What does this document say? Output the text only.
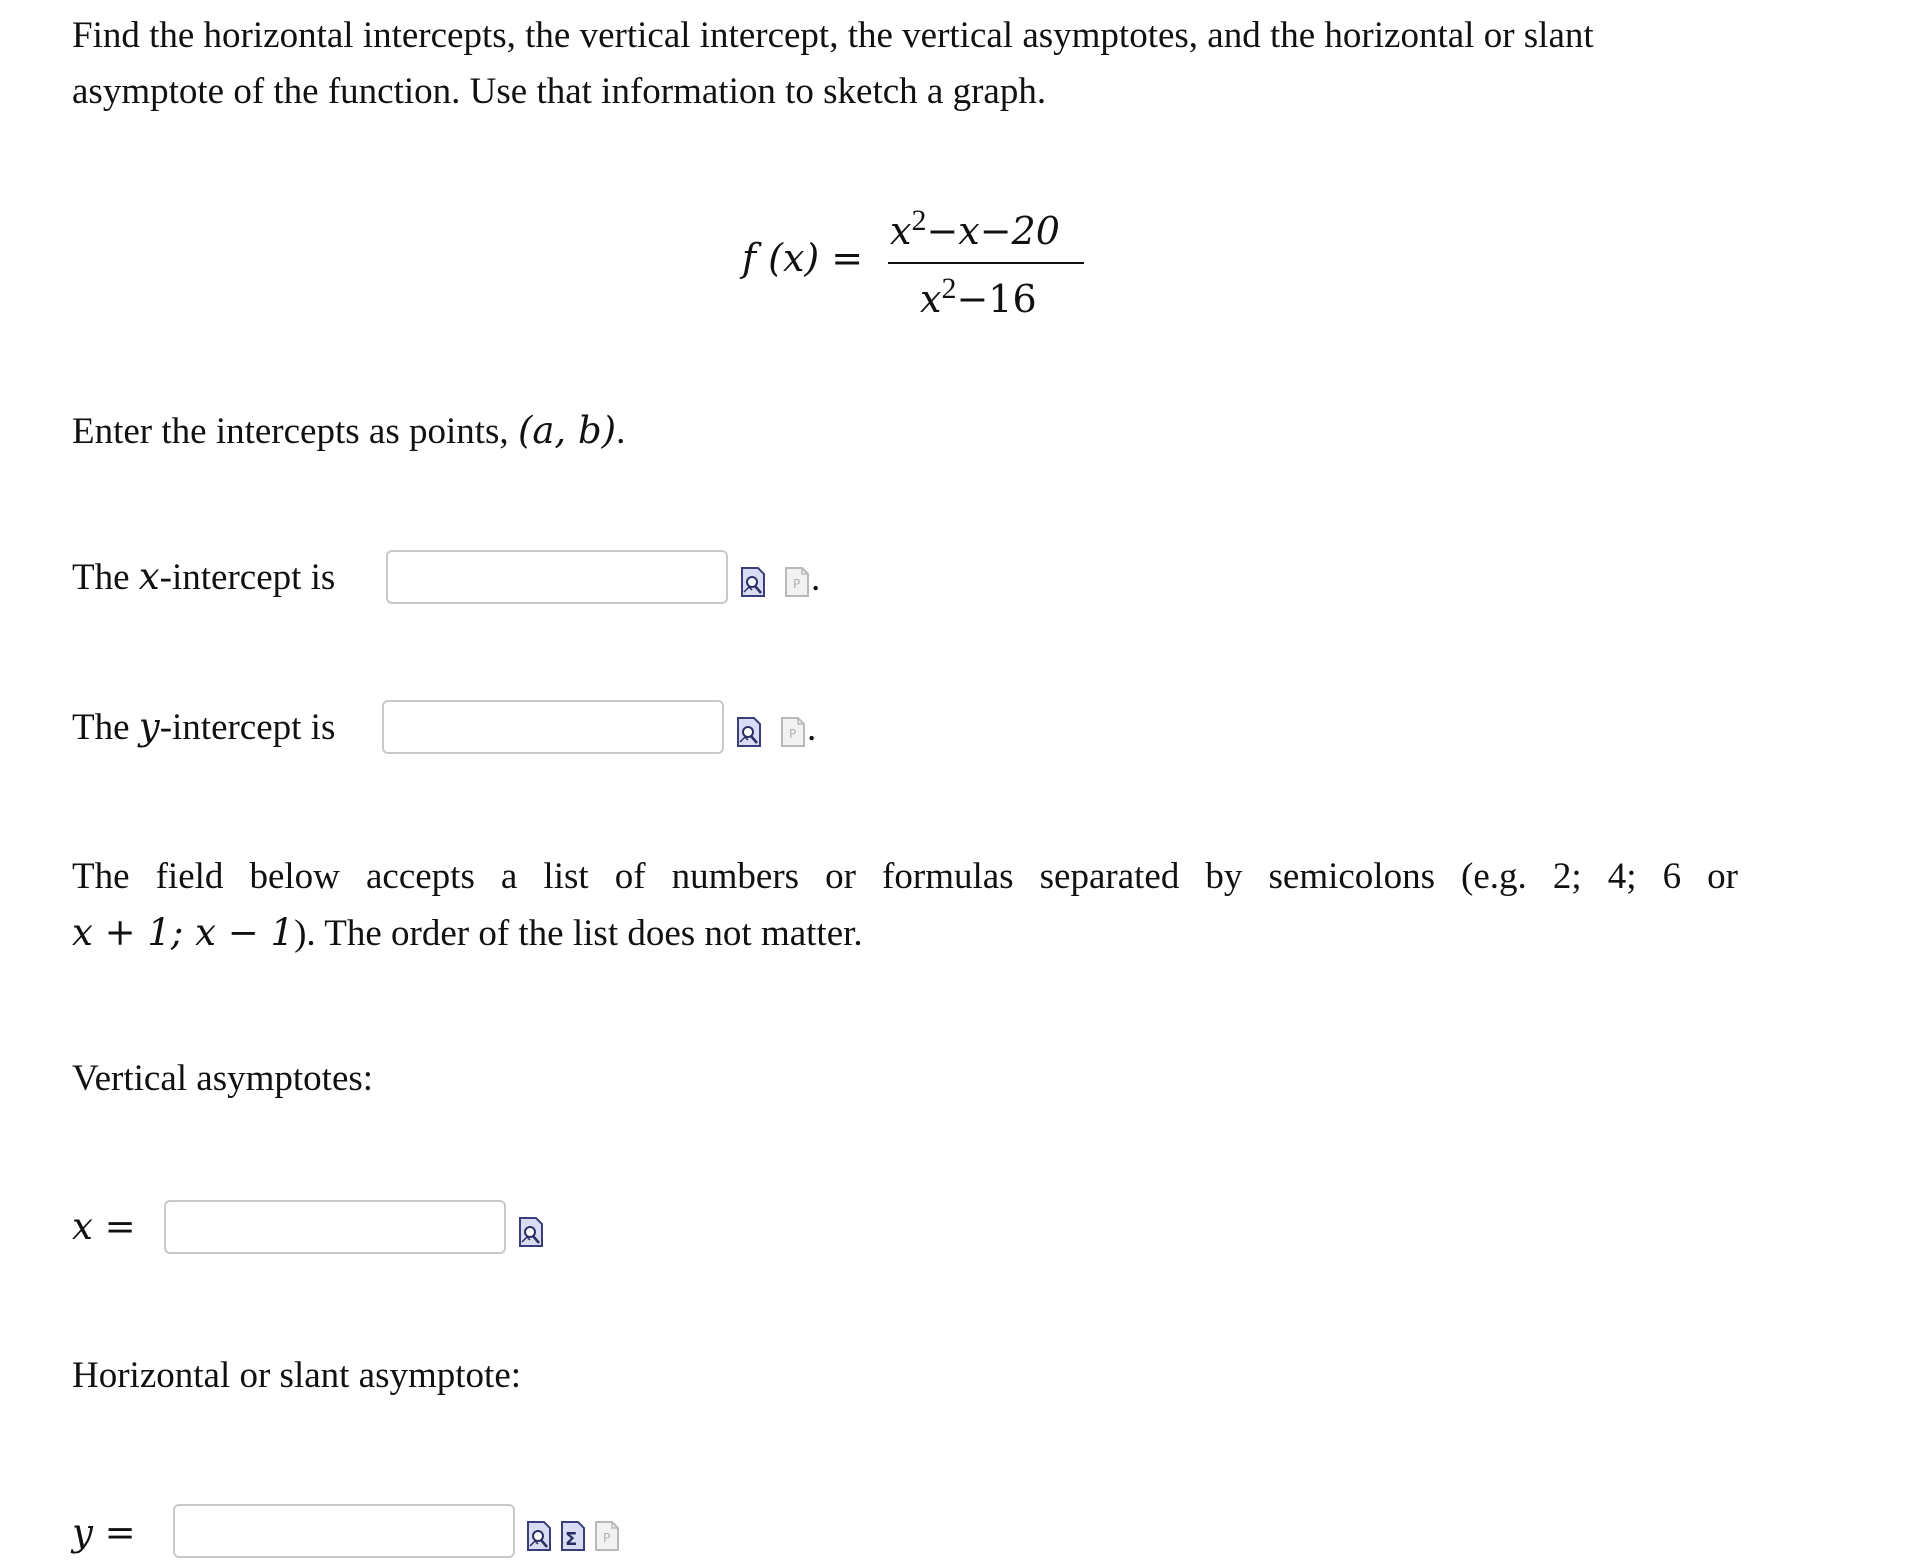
Find the horizontal intercepts, the vertical intercept, the vertical asymptotes, and the horizontal or slant
asymptote of the function. Use that information to sketch a graph.
f (x) =
$x^2-x-20$
$x^2-16$
Enter the intercepts as points, (a, b).
The x-intercept is	P .
The y-intercept is	P .
The field below accepts a list of numbers or formulas separated by semicolons (e.g. 2; 4; 6 or
x + 1; x − 1). The order of the list does not matter.
Vertical asymptotes:
x =
Horizontal or slant asymptote:
y =	Σ P
